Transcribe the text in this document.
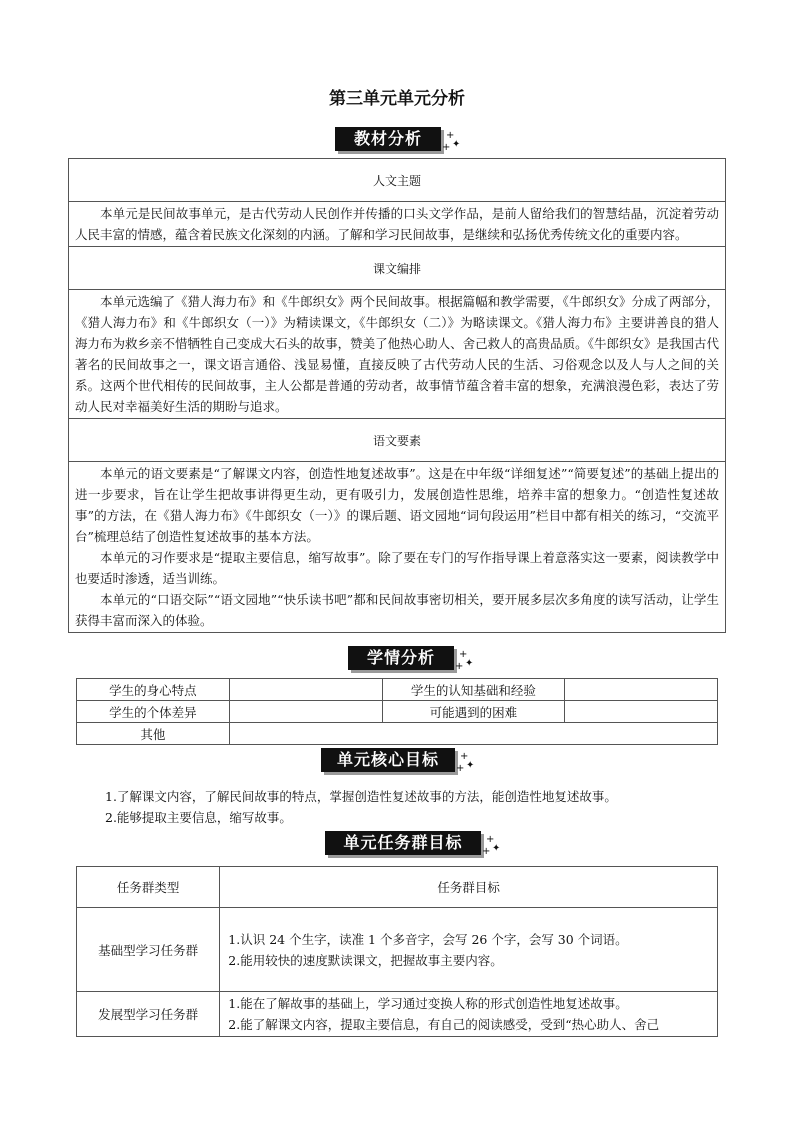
第三单元单元分析
教材分析	+
✦
+
人文主题

本单元是民间故事单元，是古代劳动人民创作并传播的口头文学作品，是前人留给我们的智慧结晶，沉淀着劳动人民丰富的情感，蕴含着民族文化深刻的内涵。了解和学习民间故事，是继续和弘扬优秀传统文化的重要内容。

课文编排

本单元选编了《猎人海力布》和《牛郎织女》两个民间故事。根据篇幅和教学需要，《牛郎织女》分成了两部分，《猎人海力布》和《牛郎织女（一）》为精读课文，《牛郎织女（二）》为略读课文。《猎人海力布》主要讲善良的猎人海力布为救乡亲不惜牺牲自己变成大石头的故事，赞美了他热心助人、舍己救人的高贵品质。《牛郎织女》是我国古代著名的民间故事之一，课文语言通俗、浅显易懂，直接反映了古代劳动人民的生活、习俗观念以及人与人之间的关系。这两个世代相传的民间故事，主人公都是普通的劳动者，故事情节蕴含着丰富的想象，充满浪漫色彩，表达了劳动人民对幸福美好生活的期盼与追求。

语文要素

本单元的语文要素是“了解课文内容，创造性地复述故事”。这是在中年级“详细复述”“简要复述”的基础上提出的进一步要求，旨在让学生把故事讲得更生动，更有吸引力，发展创造性思维，培养丰富的想象力。“创造性复述故事”的方法，在《猎人海力布》《牛郎织女（一）》的课后题、语文园地“词句段运用”栏目中都有相关的练习，“交流平台”梳理总结了创造性复述故事的基本方法。

本单元的习作要求是“提取主要信息，缩写故事”。除了要在专门的写作指导课上着意落实这一要素，阅读教学中也要适时渗透，适当训练。

本单元的“口语交际”“语文园地”“快乐读书吧”都和民间故事密切相关，要开展多层次多角度的读写活动，让学生获得丰富而深入的体验。

学情分析	+
✦
+
学生的身心特点		学生的认知基础和经验	
学生的个体差异		可能遇到的困难	
其他			
单元核心目标	+
✦
+
1.了解课文内容，了解民间故事的特点，掌握创造性复述故事的方法，能创造性地复述故事。
2.能够提取主要信息，缩写故事。
单元任务群目标	+
✦
+
任务群类型	任务群目标
基础型学习任务群	1.认识 24 个生字，读准 1 个多音字，会写 26 个字，会写 30 个词语。
2.能用较快的速度默读课文，把握故事主要内容。

发展型学习任务群	1.能在了解故事的基础上，学习通过变换人称的形式创造性地复述故事。
2.能了解课文内容，提取主要信息，有自己的阅读感受，受到“热心助人、舍己
